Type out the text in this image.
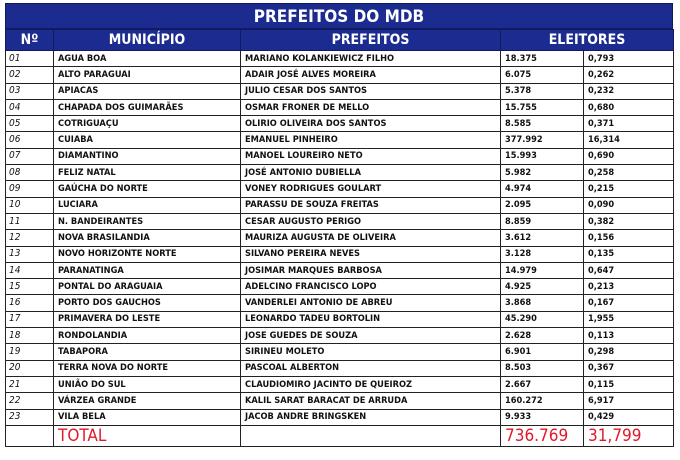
PREFEITOS DO MDB
Nº	MUNICÍPIO	PREFEITOS	ELEITORES	
01	AGUA BOA	MARIANO KOLANKIEWICZ FILHO	18.375	0,793
02	ALTO PARAGUAI	ADAIR JOSÉ ALVES MOREIRA	6.075	0,262
03	APIACAS	JULIO CESAR DOS SANTOS	5.378	0,232
04	CHAPADA DOS GUIMARÃES	OSMAR FRONER DE MELLO	15.755	0,680
05	COTRIGUAÇU	OLIRIO OLIVEIRA DOS SANTOS	8.585	0,371
06	CUIABA	EMANUEL PINHEIRO	377.992	16,314
07	DIAMANTINO	MANOEL LOUREIRO NETO	15.993	0,690
08	FELIZ NATAL	JOSÉ ANTONIO DUBIELLA	5.982	0,258
09	GAÚCHA DO NORTE	VONEY RODRIGUES GOULART	4.974	0,215
10	LUCIARA	PARASSU DE SOUZA FREITAS	2.095	0,090
11	N. BANDEIRANTES	CESAR AUGUSTO PERIGO	8.859	0,382
12	NOVA BRASILANDIA	MAURIZA AUGUSTA DE OLIVEIRA	3.612	0,156
13	NOVO HORIZONTE NORTE	SILVANO PEREIRA NEVES	3.128	0,135
14	PARANATINGA	JOSIMAR MARQUES BARBOSA	14.979	0,647
15	PONTAL DO ARAGUAIA	ADELCINO FRANCISCO LOPO	4.925	0,213
16	PORTO DOS GAUCHOS	VANDERLEI ANTONIO DE ABREU	3.868	0,167
17	PRIMAVERA DO LESTE	LEONARDO TADEU BORTOLIN	45.290	1,955
18	RONDOLANDIA	JOSE GUEDES DE SOUZA	2.628	0,113
19	TABAPORA	SIRINEU MOLETO	6.901	0,298
20	TERRA NOVA DO NORTE	PASCOAL ALBERTON	8.503	0,367
21	UNIÃO DO SUL	CLAUDIOMIRO JACINTO DE QUEIROZ	2.667	0,115
22	VÁRZEA GRANDE	KALIL SARAT BARACAT DE ARRUDA	160.272	6,917
23	VILA BELA	JACOB ANDRE BRINGSKEN	9.933	0,429
	TOTAL		736.769	31,799
